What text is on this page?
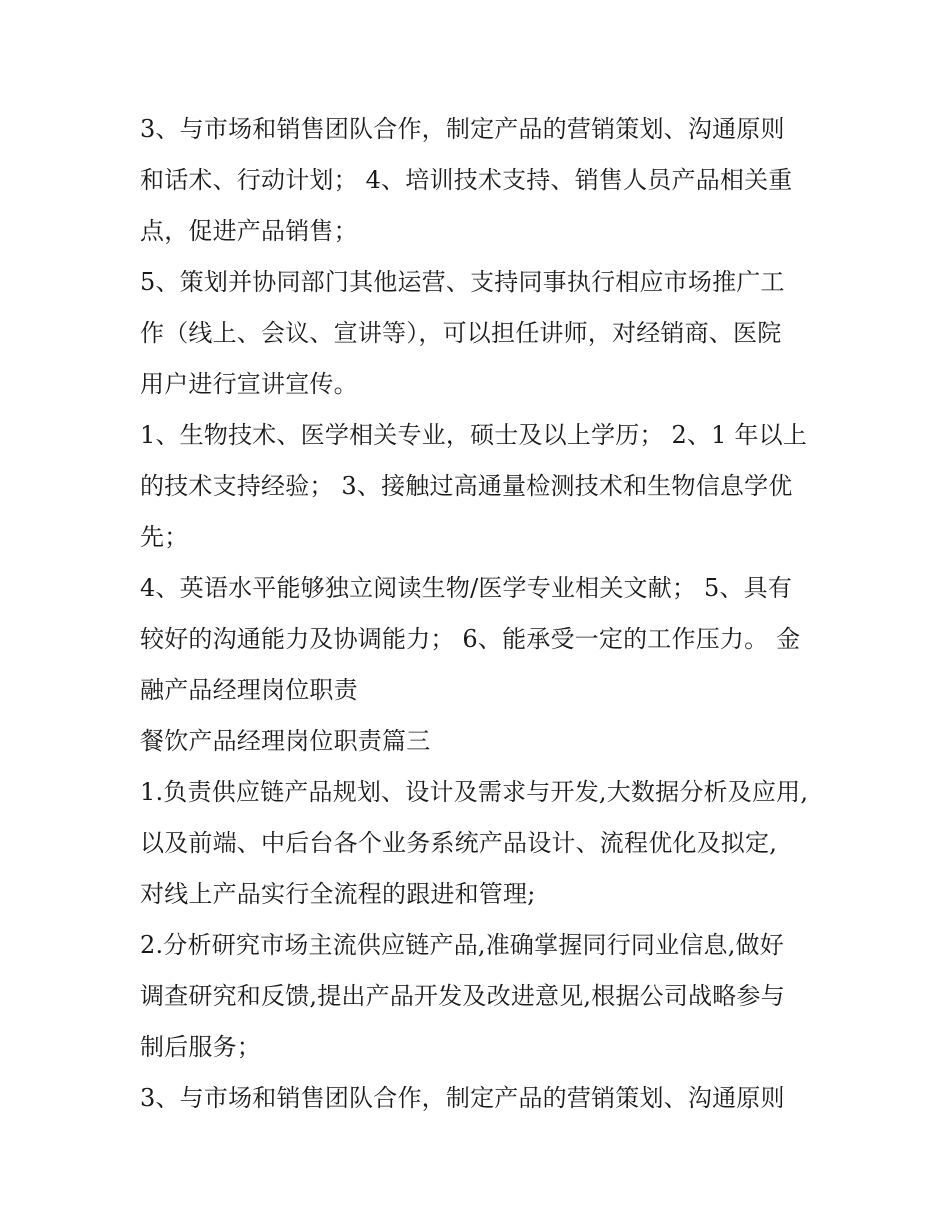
3、与市场和销售团队合作，制定产品的营销策划、沟通原则
和话术、行动计划； 4、培训技术支持、销售人员产品相关重
点，促进产品销售；
5、策划并协同部门其他运营、支持同事执行相应市场推广工
作（线上、会议、宣讲等），可以担任讲师，对经销商、医院
用户进行宣讲宣传。
1、生物技术、医学相关专业，硕士及以上学历； 2、1 年以上
的技术支持经验； 3、接触过高通量检测技术和生物信息学优
先；
4、英语水平能够独立阅读生物/医学专业相关文献； 5、具有
较好的沟通能力及协调能力； 6、能承受一定的工作压力。 金
融产品经理岗位职责
餐饮产品经理岗位职责篇三
1.负责供应链产品规划、设计及需求与开发,大数据分析及应用,
以及前端、中后台各个业务系统产品设计、流程优化及拟定,
对线上产品实行全流程的跟进和管理;
2.分析研究市场主流供应链产品,准确掌握同行同业信息,做好
调查研究和反馈,提出产品开发及改进意见,根据公司战略参与
制后服务；
3、与市场和销售团队合作，制定产品的营销策划、沟通原则
